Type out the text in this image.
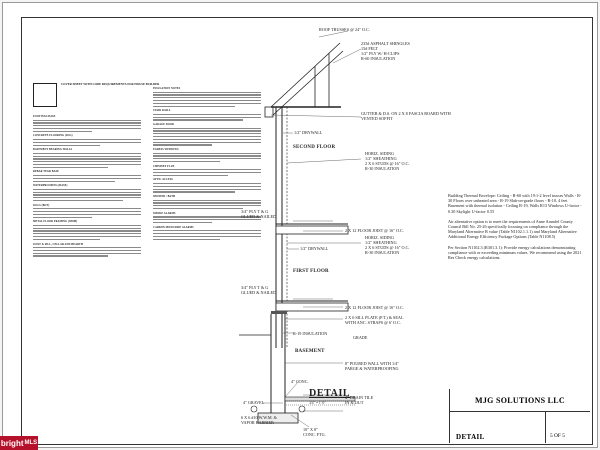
COVER SHEET WITH CODE REQUIREMENTS FOR HOUSE BUILDER
FOOTINGS BASE
CONCRETE FLOORING (SOG)
BASEMENT BEARING WALLS
REBAR TEGR BASE
WATERPROOFING (BASE)
SILLS (BOT)
METAL FLOOR FRAMING (SHIM)
JOIST & SILL, CELLAR AND HEARTH
INSULATION NOTES
STAIR RAILS
GARAGE DOOR
EGRESS WINDOWS
CHIMNEY FLUE
ATTIC ACCESS
SHOWER / BATH
SMOKE ALARMS
CARBON MONOXIDE ALARMS
ROOF TRUSSES @ 24" O.C.
235# ASPHALT SHINGLES
15# FELT
1/2" PLY W/ H-CLIPS
R-60 INSULATION
GUTTER & D.S. ON 2 X 8 FASCIA BOARD WITH VENTED SOFFIT
1/2" DRYWALL
SECOND FLOOR
HORIZ. SIDING
1/2" SHEATHING
2 X 6 STUDS @ 16" O.C.
R-30 INSULATION
3/4" PLY T & G
GLUED & NAILED
2 X 12 FLOOR JOIST @ 16" O.C.
1/2" DRYWALL
FIRST FLOOR
HORIZ. SIDING
1/2" SHEATHING
2 X 6 STUDS @ 16" O.C.
R-30 INSULATION
3/4" PLY T & G
GLUED & NAILED
2 X 12 FLOOR JOIST @ 16" O.C.
2 X 6 SILL PLATE (P.T.) & SEAL
WITH ANC. STRAPS @ 6' O.C.
R-19 INSULATION
GRADE
BASEMENT
8" POURED WALL WITH 1/4"
PARGE & WATERPROOFING
4" CONC.
4" GRAVEL
4" DRAIN TILE
IN & OUT
6 X 6 #10 W.W.M. &
VAPOR BARRIER
10" X 8"
CONC. FTG.

Building Thermal Envelope: Ceiling - R-60 with 19:1-2 level trusses Walls - R-30 Floors over unheated area - R-19 Slab-on-grade floors - R-10, 4 feet Basement with thermal isolation - Ceiling R-19, Walls R13 Windows U-factor - 0.30 Skylight U-factor 0.55

Air alternative option is to meet the requirements of Anne Arundel County Council Bill No. 25-26 specifically focusing on compliance through the Maryland Alternative B value (Table N1102.1.1.1) and Maryland Alternative Additional Energy Efficiency Package Options (Table N1108.5)

Per Section N1102.3 (R301.3.1): Provide energy calculations demonstrating compliance with or exceeding minimum values. We recommend using the 2021 Res Check energy calculations.

DETAIL
3/4" = 1'-0"	MJG SOLUTIONS LLC
DETAIL	5 OF 5
bright MLS
